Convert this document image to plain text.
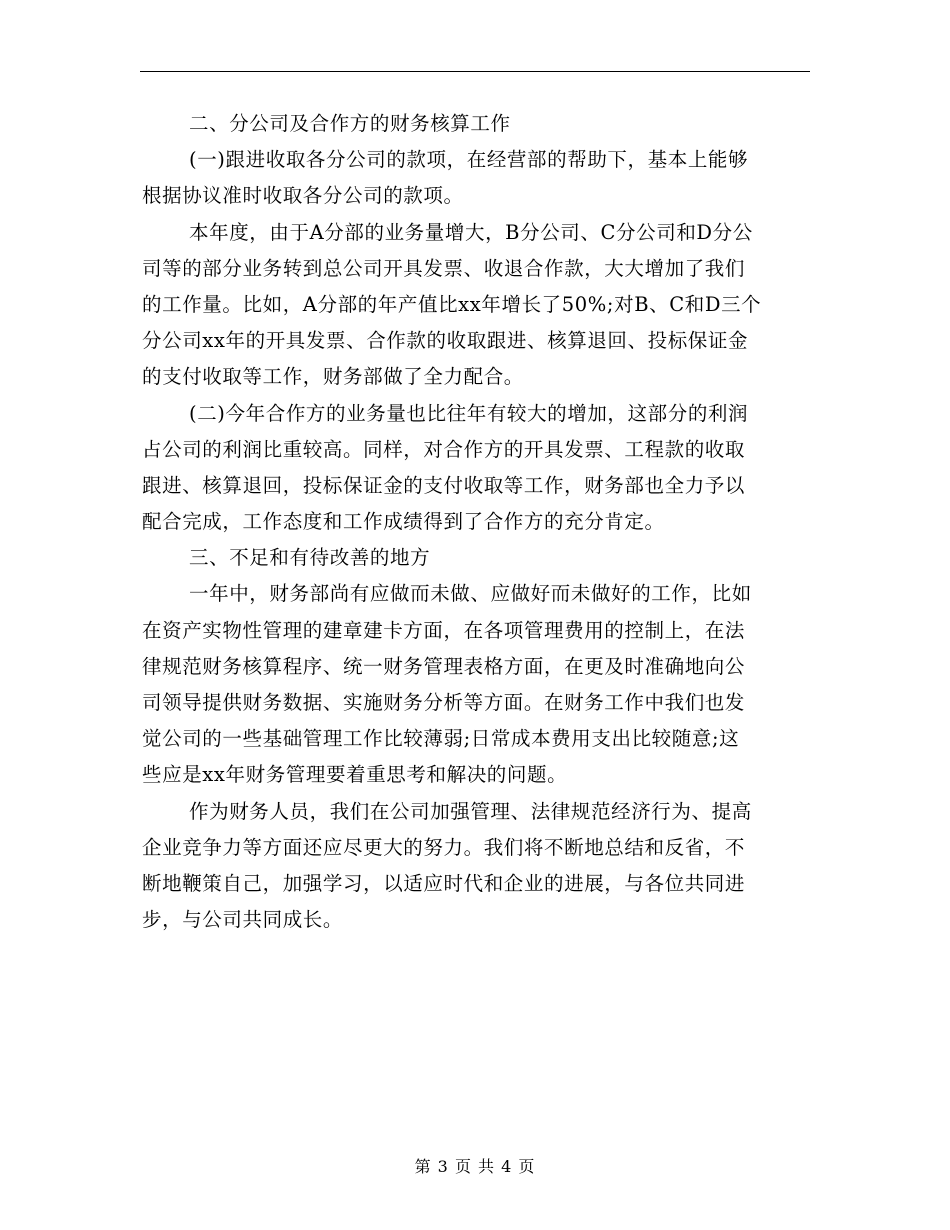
二、分公司及合作方的财务核算工作
(一)跟进收取各分公司的款项，在经营部的帮助下，基本上能够
根据协议准时收取各分公司的款项。
本年度，由于A分部的业务量增大，B分公司、C分公司和D分公
司等的部分业务转到总公司开具发票、收退合作款，大大增加了我们
的工作量。比如，A分部的年产值比xx年增长了50%;对B、C和D三个
分公司xx年的开具发票、合作款的收取跟进、核算退回、投标保证金
的支付收取等工作，财务部做了全力配合。
(二)今年合作方的业务量也比往年有较大的增加，这部分的利润
占公司的利润比重较高。同样，对合作方的开具发票、工程款的收取
跟进、核算退回，投标保证金的支付收取等工作，财务部也全力予以
配合完成，工作态度和工作成绩得到了合作方的充分肯定。
三、不足和有待改善的地方
一年中，财务部尚有应做而未做、应做好而未做好的工作，比如
在资产实物性管理的建章建卡方面，在各项管理费用的控制上，在法
律规范财务核算程序、统一财务管理表格方面，在更及时准确地向公
司领导提供财务数据、实施财务分析等方面。在财务工作中我们也发
觉公司的一些基础管理工作比较薄弱;日常成本费用支出比较随意;这
些应是xx年财务管理要着重思考和解决的问题。
作为财务人员，我们在公司加强管理、法律规范经济行为、提高
企业竞争力等方面还应尽更大的努力。我们将不断地总结和反省，不
断地鞭策自己，加强学习，以适应时代和企业的进展，与各位共同进
步，与公司共同成长。
第 3 页 共 4 页
